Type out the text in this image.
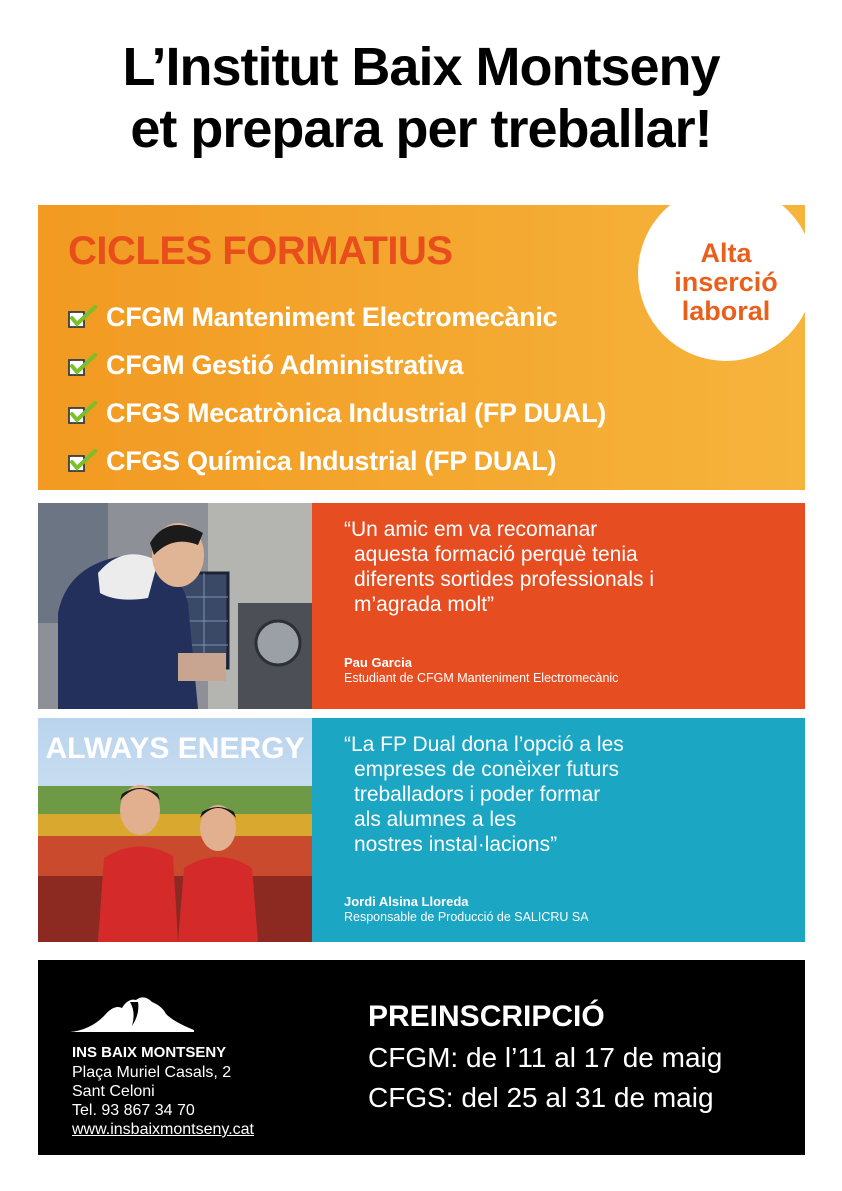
L’Institut Baix Montseny
et prepara per treballar!
CICLES FORMATIUS
CFGM Manteniment Electromecànic
CFGM Gestió Administrativa
CFGS Mecatrònica Industrial (FP DUAL)
CFGS Química Industrial (FP DUAL)
Alta
inserció
laboral
“Un amic em va recomanar
aquesta formació perquè tenia
diferents sortides professionals i
m’agrada molt”
Pau Garcia
Estudiant de CFGM Manteniment Electromecànic
ALWAYS ENERGY “La FP Dual dona l’opció a les
empreses de conèixer futurs
treballadors i poder formar
als alumnes a les
nostres instal·lacions”
Jordi Alsina Lloreda
Responsable de Producció de SALICRU SA
INS BAIX MONTSENY
Plaça Muriel Casals, 2
Sant Celoni
Tel. 93 867 34 70
www.insbaixmontseny.cat
PREINSCRIPCIÓ
CFGM: de l’11 al 17 de maig
CFGS: del 25 al 31 de maig
